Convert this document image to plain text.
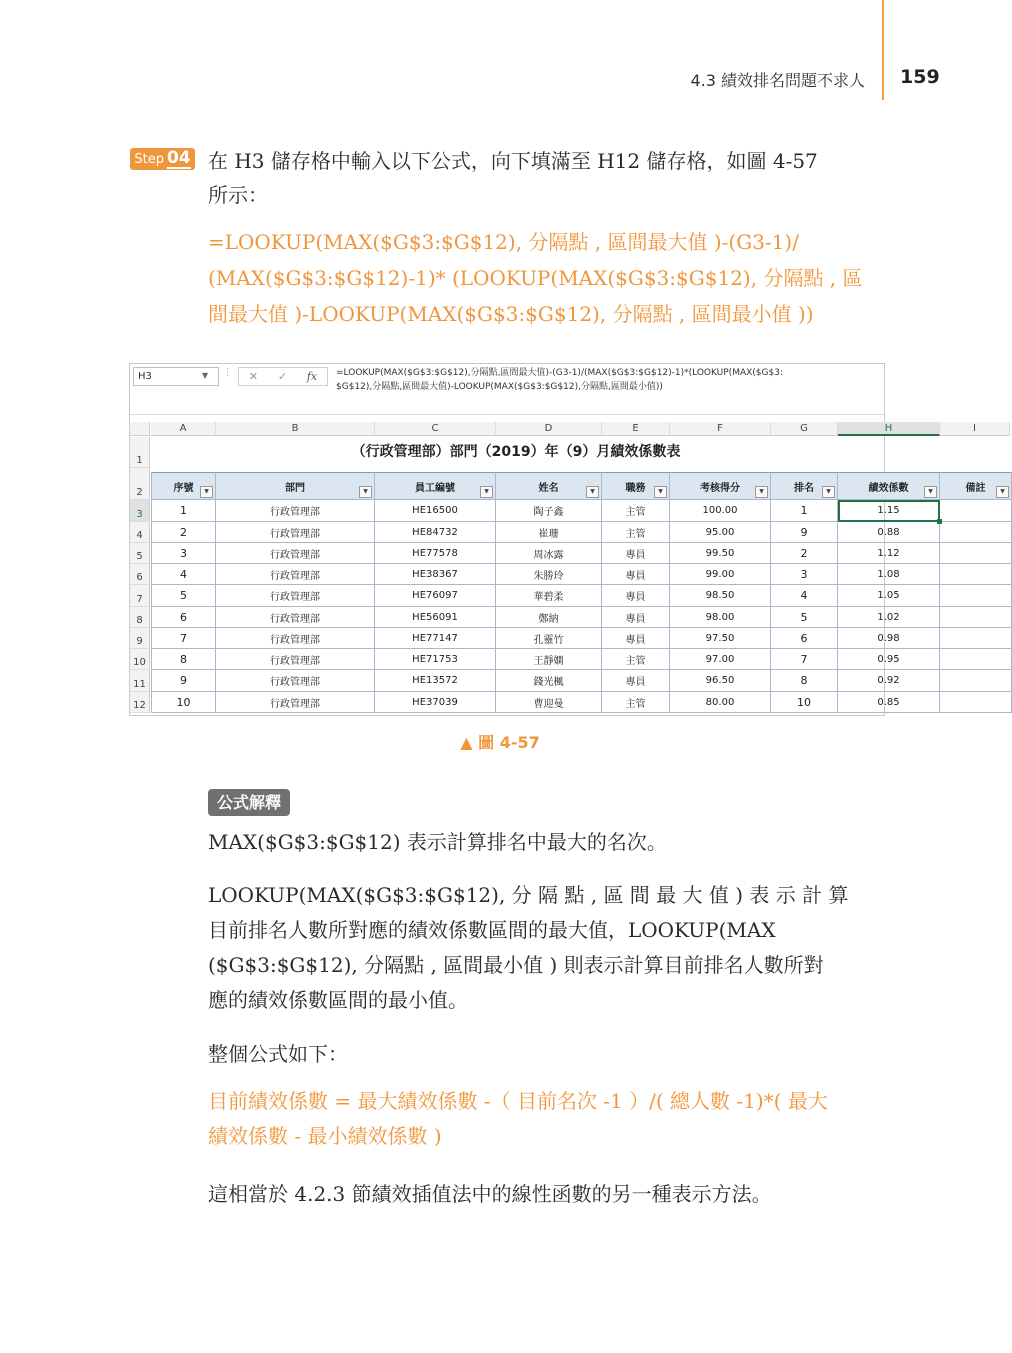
4.3 績效排名問題不求人 159
Step 04 在 H3 儲存格中輸入以下公式，向下填滿至 H12 儲存格，如圖 4-57
所示：
=LOOKUP(MAX($G$3:$G$12), 分隔點 , 區間最大值 )-(G3-1)/
(MAX($G$3:$G$12)-1)* (LOOKUP(MAX($G$3:$G$12), 分隔點 , 區
間最大值 )-LOOKUP(MAX($G$3:$G$12), 分隔點 , 區間最小值 ))
H3	▼ ⋮ ✕ ✓ fx =LOOKUP(MAX($G$3:$G$12),分隔點,區間最大值)-(G3-1)/(MAX($G$3:$G$12)-1)*(LOOKUP(MAX($G$3:
$G$12),分隔點,區間最大值)-LOOKUP(MAX($G$3:$G$12),分隔點,區間最小值))
A	B	C	D	E	F	G	H	I
1
2
3
4
5
6
7
8
9
10
11
12
（行政管理部）部門（2019）年（9）月績效係數表
序號	▼	部門	▼	員工編號	▼	姓名	▼	職務	▼	考核得分	▼	排名	▼	績效係數	▼	備註	▼
1	行政管理部	HE16500	陶子鑫	主管	100.00	1	1.15
2	行政管理部	HE84732	崔珊	主管	95.00	9	0.88
3	行政管理部	HE77578	周冰露	專員	99.50	2	1.12
4	行政管理部	HE38367	朱勝玲	專員	99.00	3	1.08
5	行政管理部	HE76097	華碧柔	專員	98.50	4	1.05
6	行政管理部	HE56091	鄭納	專員	98.00	5	1.02
7	行政管理部	HE77147	孔靈竹	專員	97.50	6	0.98
8	行政管理部	HE71753	王靜嫻	主管	97.00	7	0.95
9	行政管理部	HE13572	錢光楓	專員	96.50	8	0.92
10	行政管理部	HE37039	曹迎曼	主管	80.00	10	0.85
▲ 圖 4-57
公式解釋
MAX($G$3:$G$12) 表示計算排名中最大的名次。
LOOKUP(MAX($G$3:$G$12), 分 隔 點 , 區 間 最 大 值 ) 表 示 計 算
目前排名人數所對應的績效係數區間的最大值，LOOKUP(MAX
($G$3:$G$12), 分隔點 , 區間最小值 ) 則表示計算目前排名人數所對
應的績效係數區間的最小值。
整個公式如下：
目前績效係數 = 最大績效係數 -（ 目前名次 -1 ）/( 總人數 -1)*( 最大
績效係數 - 最小績效係數 )
這相當於 4.2.3 節績效插值法中的線性函數的另一種表示方法。
